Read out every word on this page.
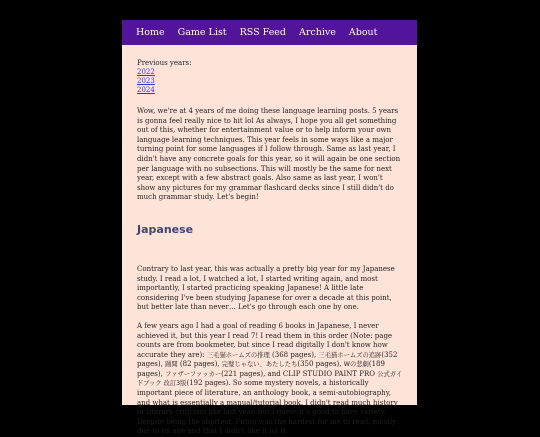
Home Game List RSS Feed Archive About
Previous years:
2022
2023
2024

Wow, we're at 4 years of me doing these language learning posts. 5 years is gonna feel really nice to hit lol As always, I hope you all get something out of this, whether for entertainment value or to help inform your own language learning techniques. This year feels in some ways like a major turning point for some languages if I follow through. Same as last year, I didn't have any concrete goals for this year, so it will again be one section per language with no subsections. This will mostly be the same for next year, except with a few abstract goals. Also same as last year, I won't show any pictures for my grammar flashcard decks since I still didn't do much grammar study. Let's begin!

Japanese

Contrary to last year, this was actually a pretty big year for my Japanese study. I read a lot, I watched a lot, I started writing again, and most importantly, I started practicing speaking Japanese! A little late considering I've been studying Japanese for over a decade at this point, but better late than never… Let's go through each one by one.

A few years ago I had a goal of reading 6 books in Japanese, I never achieved it, but this year I read 7! I read them in this order (Note: page counts are from bookmeter, but since I read digitally I don't know how accurate they are): 三毛猫ホームズの推理 (368 pages), 三毛猫ホームズの追跡(352 pages), 踊聞 (82 pages), 完璧じゃない、あたしたち(350 pages), Wの悲劇(189 pages), ファザーファッカー(221 pages), and CLIP STUDIO PAINT PRO 公式ガイドブック 改訂3版(192 pages). So some mystery novels, a historically important piece of literature, an anthology book, a semi-autobiography, and what is essentially a manual/tutorial book. I didn't read much history or literary criticism like last year, but I guess it's good to have variety. Despite being the shortest, Futon was the hardest for me to read, mostly due to its age and that I didn't like it lol It
